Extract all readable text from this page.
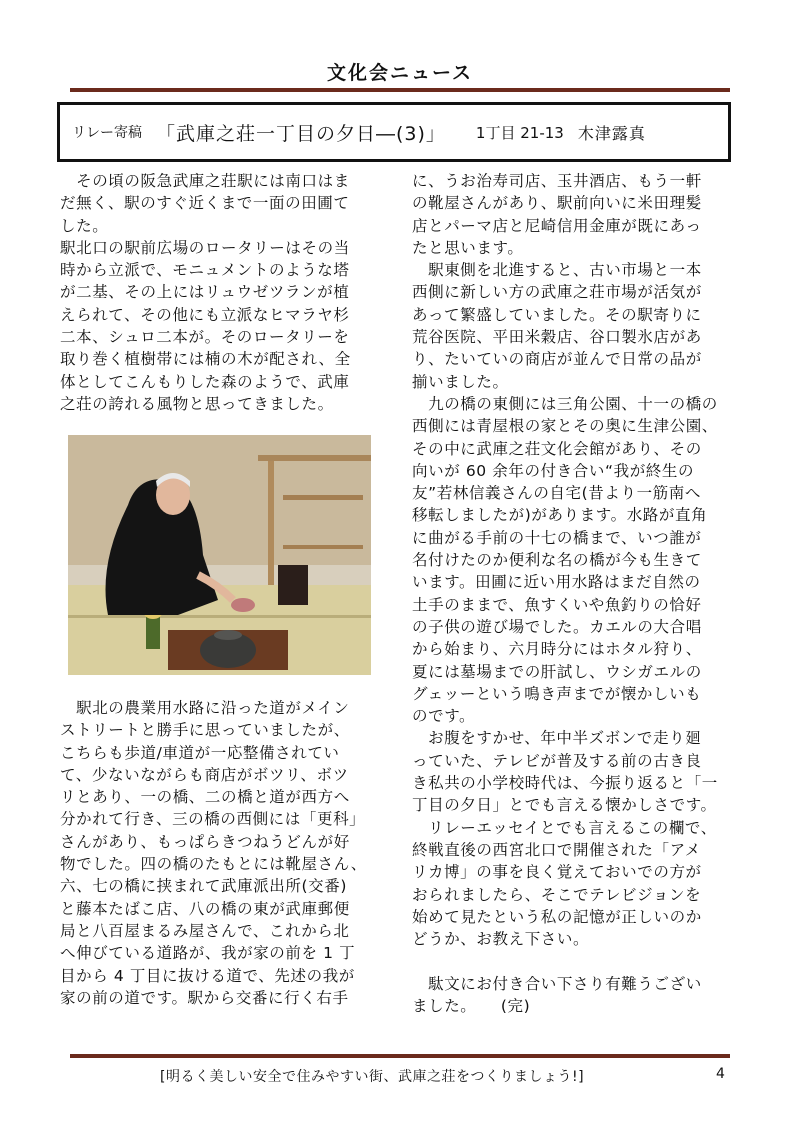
文化会ニュース
リレー寄稿 「武庫之荘一丁目の夕日―(3)」 1丁目 21-13 木津露真

　その頃の阪急武庫之荘駅には南口はま

だ無く、駅のすぐ近くまで一面の田圃て

した。

駅北口の駅前広場のロータリーはその当

時から立派で、モニュメントのような塔

が二基、その上にはリュウゼツランが植

えられて、その他にも立派なヒマラヤ杉

二本、シュロ二本が。そのロータリーを

取り巻く植樹帯には楠の木が配され、全

体としてこんもりした森のようで、武庫

之荘の誇れる風物と思ってきました。

　駅北の農業用水路に沿った道がメイン

ストリートと勝手に思っていましたが、

こちらも歩道/車道が一応整備されてい

て、少ないながらも商店がボツリ、ボツ

リとあり、一の橋、二の橋と道が西方へ

分かれて行き、三の橋の西側には「更科」

さんがあり、もっぱらきつねうどんが好

物でした。四の橋のたもとには靴屋さん、

六、七の橋に挟まれて武庫派出所(交番)

と藤本たばこ店、八の橋の東が武庫郵便

局と八百屋まるみ屋さんで、これから北

へ伸びている道路が、我が家の前を 1 丁

目から 4 丁目に抜ける道で、先述の我が

家の前の道です。駅から交番に行く右手

に、うお治寿司店、玉井酒店、もう一軒

の靴屋さんがあり、駅前向いに米田理髪

店とパーマ店と尼崎信用金庫が既にあっ

たと思います。

　駅東側を北進すると、古い市場と一本

西側に新しい方の武庫之荘市場が活気が

あって繁盛していました。その駅寄りに

荒谷医院、平田米穀店、谷口製氷店があ

り、たいていの商店が並んで日常の品が

揃いました。

　九の橋の東側には三角公園、十一の橋の

西側には青屋根の家とその奥に生津公園、

その中に武庫之荘文化会館があり、その

向いが 60 余年の付き合い“我が終生の

友”若林信義さんの自宅(昔より一筋南へ

移転しましたが)があります。水路が直角

に曲がる手前の十七の橋まで、いつ誰が

名付けたのか便利な名の橋が今も生きて

います。田圃に近い用水路はまだ自然の

土手のままで、魚すくいや魚釣りの恰好

の子供の遊び場でした。カエルの大合唱

から始まり、六月時分にはホタル狩り、

夏には墓場までの肝試し、ウシガエルの

グェッーという鳴き声までが懐かしいも

のです。

　お腹をすかせ、年中半ズボンで走り廻

っていた、テレビが普及する前の古き良

き私共の小学校時代は、今振り返ると「一

丁目の夕日」とでも言える懐かしさです。

　リレーエッセイとでも言えるこの欄で、

終戦直後の西宮北口で開催された「アメ

リカ博」の事を良く覚えておいでの方が

おられましたら、そこでテレビジョンを

始めて見たという私の記憶が正しいのか

どうか、お教え下さい。

　駄文にお付き合い下さり有難うござい

ました。　　(完)

[明るく美しい安全で住みやすい街、武庫之荘をつくりましょう!]	4
